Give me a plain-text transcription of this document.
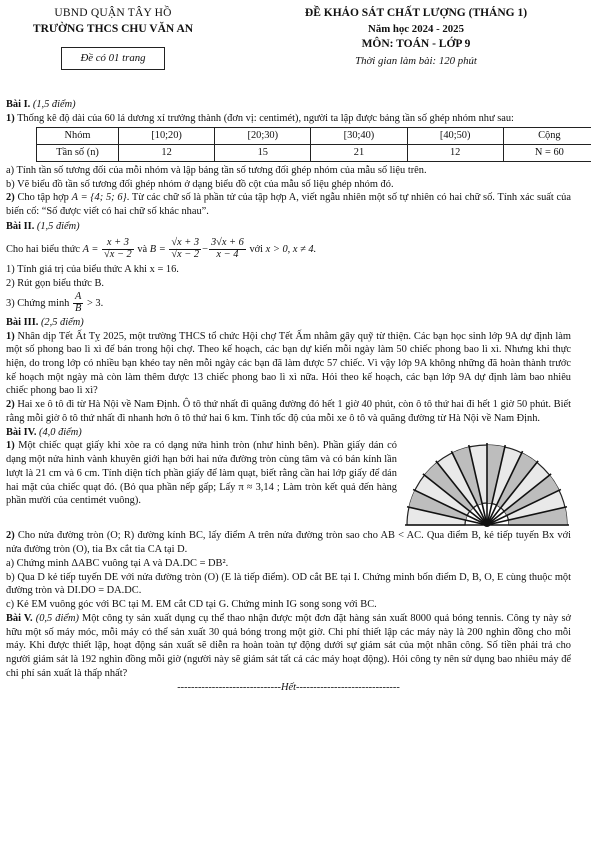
UBND QUẬN TÂY HỒ
TRƯỜNG THCS CHU VĂN AN
Đề có 01 trang
ĐỀ KHẢO SÁT CHẤT LƯỢNG (THÁNG 1)
Năm học 2024 - 2025
MÔN: TOÁN - LỚP 9
Thời gian làm bài: 120 phút
Bài I. (1,5 điểm)

1) Thống kê độ dài của 60 lá dương xỉ trưởng thành (đơn vị: centimét), người ta lập được bảng tần số ghép nhóm như sau:

Nhóm	[10;20)	[20;30)	[30;40)	[40;50)	Cộng
Tần số (n)	12	15	21	12	N = 60

a) Tính tần số tương đối của mỗi nhóm và lập bảng tần số tương đối ghép nhóm của mẫu số liệu trên.

b) Vẽ biểu đồ tần số tương đối ghép nhóm ở dạng biểu đồ cột của mẫu số liệu ghép nhóm đó.

2) Cho tập hợp A = {4; 5; 6}. Từ các chữ số là phần tử của tập hợp A, viết ngẫu nhiên một số tự nhiên có hai chữ số. Tính xác suất của biến cố: “Số được viết có hai chữ số khác nhau”.

Bài II. (1,5 điểm)
Cho hai biểu thức $A = \frac{x + 3}{√x - 2}$ và $B = \frac{√x + 3}{√x - 2} - \frac{3√x + 6}{x - 4}$ với x > 0, x ≠ 4.

1) Tính giá trị của biểu thức A khi x = 16.

2) Rút gọn biểu thức B.

3) Chứng minh $\frac{A}{B} > 3$.
Bài III. (2,5 điểm)

1) Nhân dịp Tết Ất Tỵ 2025, một trường THCS tổ chức Hội chợ Tết Ấm nhằm gây quỹ từ thiện. Các bạn học sinh lớp 9A dự định làm một số phong bao lì xì để bán trong hội chợ. Theo kế hoạch, các bạn dự kiến mỗi ngày làm 50 chiếc phong bao lì xì. Nhưng khi thực hiện, do trong lớp có nhiều bạn khéo tay nên mỗi ngày các bạn đã làm được 57 chiếc. Vì vậy lớp 9A không những đã hoàn thành trước kế hoạch một ngày mà còn làm thêm được 13 chiếc phong bao lì xì nữa. Hỏi theo kế hoạch, các bạn lớp 9A dự định làm bao nhiêu chiếc phong bao lì xì?

2) Hai xe ô tô đi từ Hà Nội về Nam Định. Ô tô thứ nhất đi quãng đường đó hết 1 giờ 40 phút, còn ô tô thứ hai đi hết 1 giờ 50 phút. Biết rằng mỗi giờ ô tô thứ nhất đi nhanh hơn ô tô thứ hai 6 km. Tính tốc độ của mỗi xe ô tô và quãng đường từ Hà Nội về Nam Định.

Bài IV. (4,0 điểm)

1) Một chiếc quạt giấy khi xòe ra có dạng nửa hình tròn (như hình bên). Phần giấy dán có dạng một nửa hình vành khuyên giới hạn bởi hai nửa đường tròn cùng tâm và có bán kính lần lượt là 21 cm và 6 cm. Tính diện tích phần giấy để làm quạt, biết rằng cần hai lớp giấy để dán hai mặt của chiếc quạt đó. (Bỏ qua phần nếp gấp; Lấy π ≈ 3,14 ; Làm tròn kết quả đến hàng phần mười của centimét vuông).

2) Cho nửa đường tròn (O; R) đường kính BC, lấy điểm A trên nửa đường tròn sao cho AB < AC. Qua điểm B, kẻ tiếp tuyến Bx với nửa đường tròn (O), tia Bx cắt tia CA tại D.

a) Chứng minh ΔABC vuông tại A và DA.DC = DB².

b) Qua D kẻ tiếp tuyến DE với nửa đường tròn (O) (E là tiếp điểm). OD cắt BE tại I. Chứng minh bốn điểm D, B, O, E cùng thuộc một đường tròn và DI.DO = DA.DC.

c) Kẻ EM vuông góc với BC tại M. EM cắt CD tại G. Chứng minh IG song song với BC.

Bài V. (0,5 điểm) Một công ty sản xuất dụng cụ thể thao nhận được một đơn đặt hàng sản xuất 8000 quả bóng tennis. Công ty này sở hữu một số máy móc, mỗi máy có thể sản xuất 30 quả bóng trong một giờ. Chi phí thiết lập các máy này là 200 nghìn đồng cho mỗi máy. Khi được thiết lập, hoạt động sản xuất sẽ diễn ra hoàn toàn tự động dưới sự giám sát của một nhân công. Số tiền phải trả cho người giám sát là 192 nghìn đồng mỗi giờ (người này sẽ giám sát tất cả các máy hoạt động). Hỏi công ty nên sử dụng bao nhiêu máy để chi phí sản xuất là thấp nhất?

------------------------------Hết------------------------------
